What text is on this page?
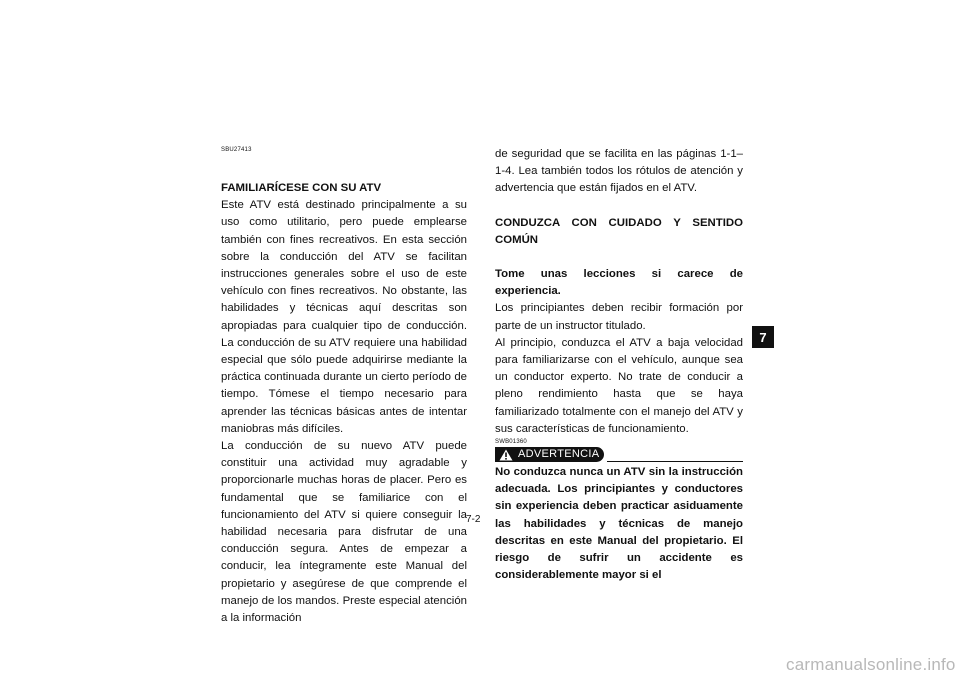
SBU27413

FAMILIARÍCESE CON SU ATV

Este ATV está destinado principalmente a su uso como utilitario, pero puede emplearse también con fines recreativos. En esta sección sobre la conducción del ATV se facilitan instrucciones generales sobre el uso de este vehículo con fines recreativos. No obstante, las habilidades y técnicas aquí descritas son apropiadas para cualquier tipo de conducción. La conducción de su ATV requiere una habilidad especial que sólo puede adquirirse mediante la práctica continuada durante un cierto período de tiempo. Tómese el tiempo necesario para aprender las técnicas básicas antes de intentar maniobras más difíciles.

La conducción de su nuevo ATV puede constituir una actividad muy agradable y proporcionarle muchas horas de placer. Pero es fundamental que se familiarice con el funcionamiento del ATV si quiere conseguir la habilidad necesaria para disfrutar de una conducción segura. Antes de empezar a conducir, lea íntegramente este Manual del propietario y asegúrese de que comprende el manejo de los mandos. Preste especial atención a la información

de seguridad que se facilita en las páginas 1-1–1-4. Lea también todos los rótulos de atención y advertencia que están fijados en el ATV.

CONDUZCA CON CUIDADO Y SENTIDO COMÚN

Tome unas lecciones si carece de experiencia.

Los principiantes deben recibir formación por parte de un instructor titulado.

Al principio, conduzca el ATV a baja velocidad para familiarizarse con el vehículo, aunque sea un conductor experto. No trate de conducir a pleno rendimiento hasta que se haya familiarizado totalmente con el manejo del ATV y sus características de funcionamiento.

SWB01360

ADVERTENCIA

No conduzca nunca un ATV sin la instrucción adecuada. Los principiantes y conductores sin experiencia deben practicar asiduamente las habilidades y técnicas de manejo descritas en este Manual del propietario. El riesgo de sufrir un accidente es considerablemente mayor si el

7-2
7
carmanualsonline.info
